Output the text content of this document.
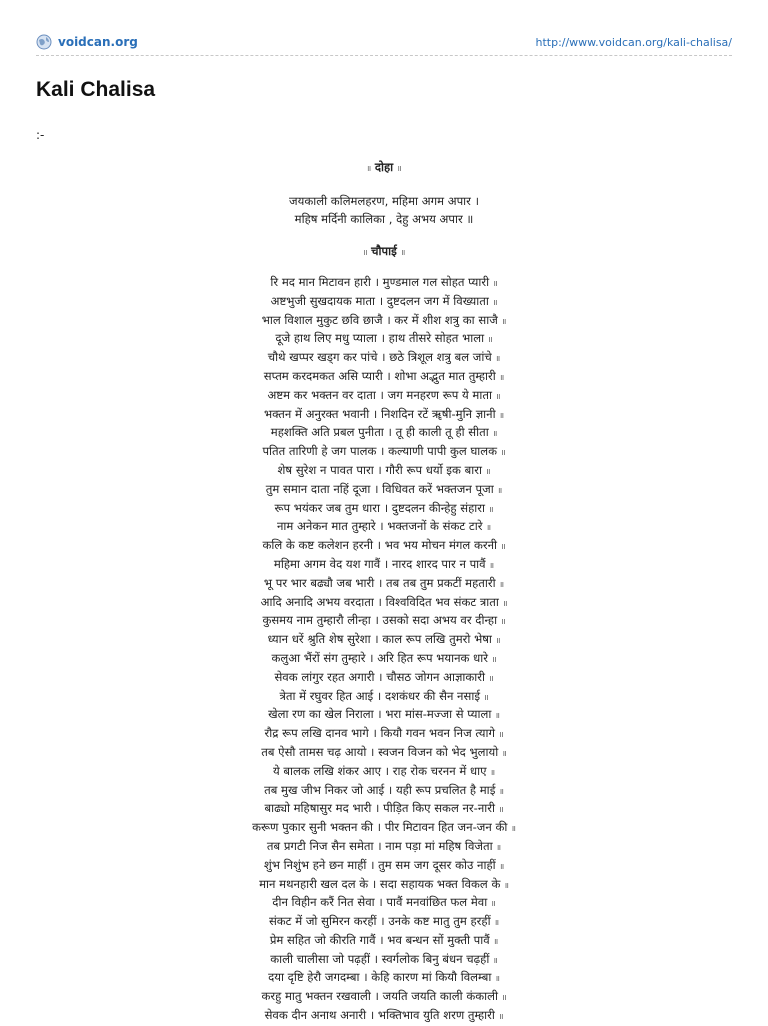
voidcan.org	http://www.voidcan.org/kali-chalisa/
Kali Chalisa
:-

॥ दोहा ॥

जयकाली कलिमलहरण, महिमा अगम अपार ।
महिष मर्दिनी कालिका , देहु अभय अपार ॥

॥ चौपाई ॥

रि मद मान मिटावन हारी । मुण्डमाल गल सोहत प्यारी ॥
अष्टभुजी सुखदायक माता । दुष्टदलन जग में विख्याता ॥
भाल विशाल मुकुट छवि छाजै । कर में शीश शत्रु का साजै ॥
दूजे हाथ लिए मधु प्याला । हाथ तीसरे सोहत भाला ॥
चौथे खप्पर खड्ग कर पांचे । छठे त्रिशूल शत्रु बल जांचे ॥
सप्तम करदमकत असि प्यारी । शोभा अद्भुत मात तुम्हारी ॥
अष्टम कर भक्तन वर दाता । जग मनहरण रूप ये माता ॥
भक्तन में अनुरक्त भवानी । निशदिन रटें ॠषी-मुनि ज्ञानी ॥
महशक्ति अति प्रबल पुनीता । तू ही काली तू ही सीता ॥
पतित तारिणी हे जग पालक । कल्याणी पापी कुल घालक ॥
शेष सुरेश न पावत पारा । गौरी रूप धर्यो इक बारा ॥
तुम समान दाता नहिं दूजा । विधिवत करें भक्तजन पूजा ॥
रूप भयंकर जब तुम धारा । दुष्टदलन कीन्हेहु संहारा ॥
नाम अनेकन मात तुम्हारे । भक्तजनों के संकट टारे ॥
कलि के कष्ट कलेशन हरनी । भव भय मोचन मंगल करनी ॥
महिमा अगम वेद यश गावैं । नारद शारद पार न पावैं ॥
भू पर भार बढ्यौ जब भारी । तब तब तुम प्रकटीं महतारी ॥
आदि अनादि अभय वरदाता । विश्वविदित भव संकट त्राता ॥
कुसमय नाम तुम्हारौ लीन्हा । उसको सदा अभय वर दीन्हा ॥
ध्यान धरें श्रुति शेष सुरेशा । काल रूप लखि तुमरो भेषा ॥
कलुआ भैंरों संग तुम्हारे । अरि हित रूप भयानक धारे ॥
सेवक लांगुर रहत अगारी । चौसठ जोगन आज्ञाकारी ॥
त्रेता में रघुवर हित आई । दशकंधर की सैन नसाई ॥
खेला रण का खेल निराला । भरा मांस-मज्जा से प्याला ॥
रौद्र रूप लखि दानव भागे । कियौ गवन भवन निज त्यागे ॥
तब ऐसौ तामस चढ़ आयो । स्वजन विजन को भेद भुलायो ॥
ये बालक लखि शंकर आए । राह रोक चरनन में धाए ॥
तब मुख जीभ निकर जो आई । यही रूप प्रचलित है माई ॥
बाढ्यो महिषासुर मद भारी । पीड़ित किए सकल नर-नारी ॥
करूण पुकार सुनी भक्तन की । पीर मिटावन हित जन-जन की ॥
तब प्रगटी निज सैन समेता । नाम पड़ा मां महिष विजेता ॥
शुंभ निशुंभ हने छन माहीं । तुम सम जग दूसर कोउ नाहीं ॥
मान मथनहारी खल दल के । सदा सहायक भक्त विकल के ॥
दीन विहीन करैं नित सेवा । पावैं मनवांछित फल मेवा ॥
संकट में जो सुमिरन करहीं । उनके कष्ट मातु तुम हरहीं ॥
प्रेम सहित जो कीरति गावैं । भव बन्धन सों मुक्ती पावैं ॥
काली चालीसा जो पढ़हीं । स्वर्गलोक बिनु बंधन चढ़हीं ॥
दया दृष्टि हेरौ जगदम्बा । केहि कारण मां कियौ विलम्बा ॥
करहु मातु भक्तन रखवाली । जयति जयति काली कंकाली ॥
सेवक दीन अनाथ अनारी । भक्तिभाव युति शरण तुम्हारी ॥
